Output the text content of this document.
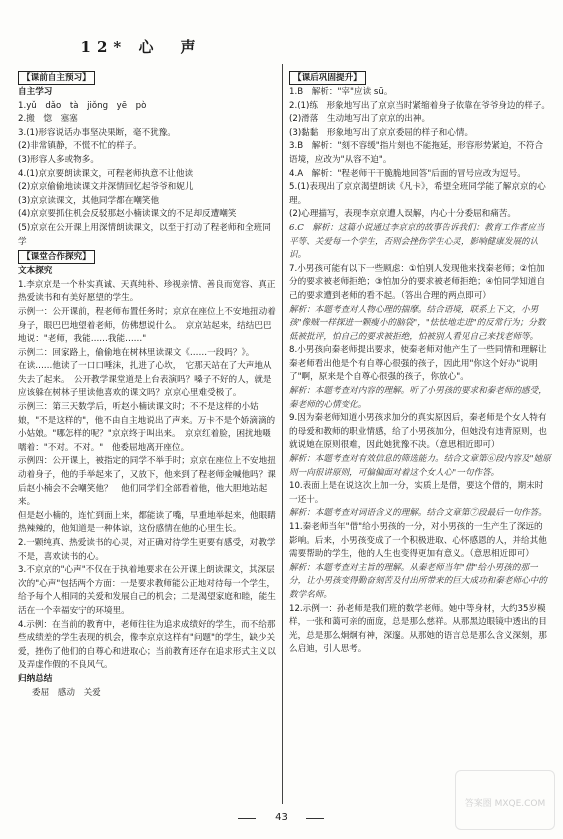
12* 心　声
【课前自主预习】
自主学习
1.yǔ　dǎo　tà　jiǒng　yē　pò
2.搬　惚　塞塞
3.(1)形容说话办事坚决果断，毫不犹豫。
(2)非常镇静，不慌不忙的样子。
(3)形容人多或物多。
4.(1)京京要朗读课文，可程老师执意不让他读
(2)京京偷偷地读课文并深情回忆起爷爷和妮儿
(3)京京读课文，其他同学都在嘲笑他
(4)京京要抓住机会反驳那赵小楠读课文的不足却反遭嘲笑
(5)京京在公开课上用深情朗读课文，以至于打动了程老师和全班同学
【课堂合作探究】
文本探究
1.李京京是一个朴实真诚、天真纯朴、珍视亲情、善良而宽容、真正热爱读书和有美好愿望的学生。
示例一：公开课前，程老师布置任务时；京京在座位上不安地扭动着身子，眼巴巴地望着老师，仿佛想说什么。　京京站起来，结结巴巴地说："老师，我能……我能……"
示例二：回家路上，偷偷地在树林里读课文《……一段吗？》。
在读……他读了一口口唾沫，扎进了心坎，　它那天站在了大声地从失去了起来。　公开教学课堂道是上台表演吗？嗓子不好的人，就是应该躲在树林子里读他喜欢的课文吗？京京心里难受极了。
示例三：第三天数学后，听赵小楠读课文时；不不是这样的小姑娘，"不是这样的"，他不由自主地说出了声来。万卡不是个娇滴滴的小姑娘。"哪怎样的呢？"京京终于叫出来。　京京红着脸，困扰地嗫嚅着："不对。不对。"　他委屈地离开座位。
示例四：公开课上，被指定的同学不举手时；京京在座位上不安地扭动着身子，他的手举起来了，又放下，他来到了程老师金喊他吗？课后赵小楠会不会嘲笑他？　他们同学们全部看着他，他大胆地站起来。
但是赵小楠的，连忙到面上来，都能读了嘴，早重地举起来，他眼睛热辣辣的，他知道是一种体谅，这份感情在他的心里生长。
2.一颗纯真、热爱读书的心灵，对正确对待学生更要有感受，对教学不是，喜欢读书的心。
3.不京京的"心声"不仅在于执着地要求在公开课上朗读课文，其深层次的"心声"包括两个方面：一是要求教师能公正地对待每一个学生，给予每个人相同的关爱和发展自己的机会；二是渴望家庭和睦，能生活在一个幸福安宁的环境里。
4.示例：在当前的教育中，老师往往为追求成绩好的学生，而不给那些成绩差的学生表现的机会，像李京京这样有"问题"的学生，缺少关爱，挫伤了他们的自尊心和进取心；当前教育还存在追求形式主义以及弄虚作假的不良风气。
归纳总结
委屈　感动　关爱
【课后巩固提升】
1.B　解析："宰"应读 sū。
2.(1)练　形象地写出了京京当时紧缩着身子依靠在爷爷身边的样子。
(2)滑落　生动地写出了京京的出神。
(3)黏黏　形象地写出了京京委屈的样子和心情。
3.B　解析："刻不容缓"指片刻也不能拖延，形容形势紧迫，不符合语境，应改为"从容不迫"。
4.A　解析："程老师干干脆脆地回答"后面的冒号应改为逗号。
5.(1)表现出了京京渴望朗读《凡卡》，希望全班同学能了解京京的心理。
(2)心理描写，表现李京京遭人误解，内心十分委屈和痛苦。
6.C　解析：这篇小说通过李京京的故事告诉我们：教育工作者应当平等、关爱每一个学生，否则会挫伤学生心灵，影响健康发展的认识。
7.小男孩可能有以下一些顾虑：①怕别人发现他来找秦老师；②怕加分的要求被老师拒绝；③怕加分的要求被老师拒绝；④怕同学知道自己的要求遭到老师的看不起。（答出合理的两点即可）
解析：本题考查对人物心理的揣摩。结合语境，联系上下文，小男孩"像贼一样探进一颗瘦小的脑袋"，"怯怯地走进"的反常行为；分数低被批评，怕自己的要求被拒绝，怕被别人看见自己来找老师等。
8.小男孩向秦老师提出要求，使秦老师对他产生了一些同情和理解让秦老师看出他是个有自尊心很强的孩子，因此用"你这个好办"说明了"啊，原来是个自尊心很强的孩子，你放心"。
解析：本题考查对内容的理解。听了小男孩的要求和秦老师的感受，秦老师的心情变化。
9.因为秦老师知道小男孩求加分的真实原因后，秦老师是个女人特有的母爱和教师的职业情感，给了小男孩加分，但她没有违背原则，也就说她在原则很难，因此她犹豫不决。（意思相近即可）
解析：本题考查对有效信息的筛选能力。结合文章第⑥段内容及"她原则一向很讲原则，可偏偏面对着这个女人心"一句作答。
10.表面上是在说这次上加一分，实质上是借，要这个借的，期末时一还十。
解析：本题考查对词语含义的理解。结合文章第⑦段最后一句作答。
11.秦老师当年"借"给小男孩的一分，对小男孩的一生产生了深远的影响。后来，小男孩变成了一个积极进取、心怀感恩的人，并给其他需要帮助的学生，他的人生也变得更加有意义。（意思相近即可）
解析：本题考查对主旨的理解。从秦老师当年"借"给小男孩的那一分，让小男孩变得勤奋刻苦及付出所带来的巨大成功和秦老师心中的数学名师。
12.示例一：孙老师是我们班的数学老师。她中等身材，大约35岁模样，一张和蔼可亲的面庞，总是那么慈祥。从那黑边眼镜中透出的目光，总是那么炯炯有神，深邃。从那她的语言总是那么含义深刻，那么启迪，引人思考。
43
答案圈 MXQE.COM
